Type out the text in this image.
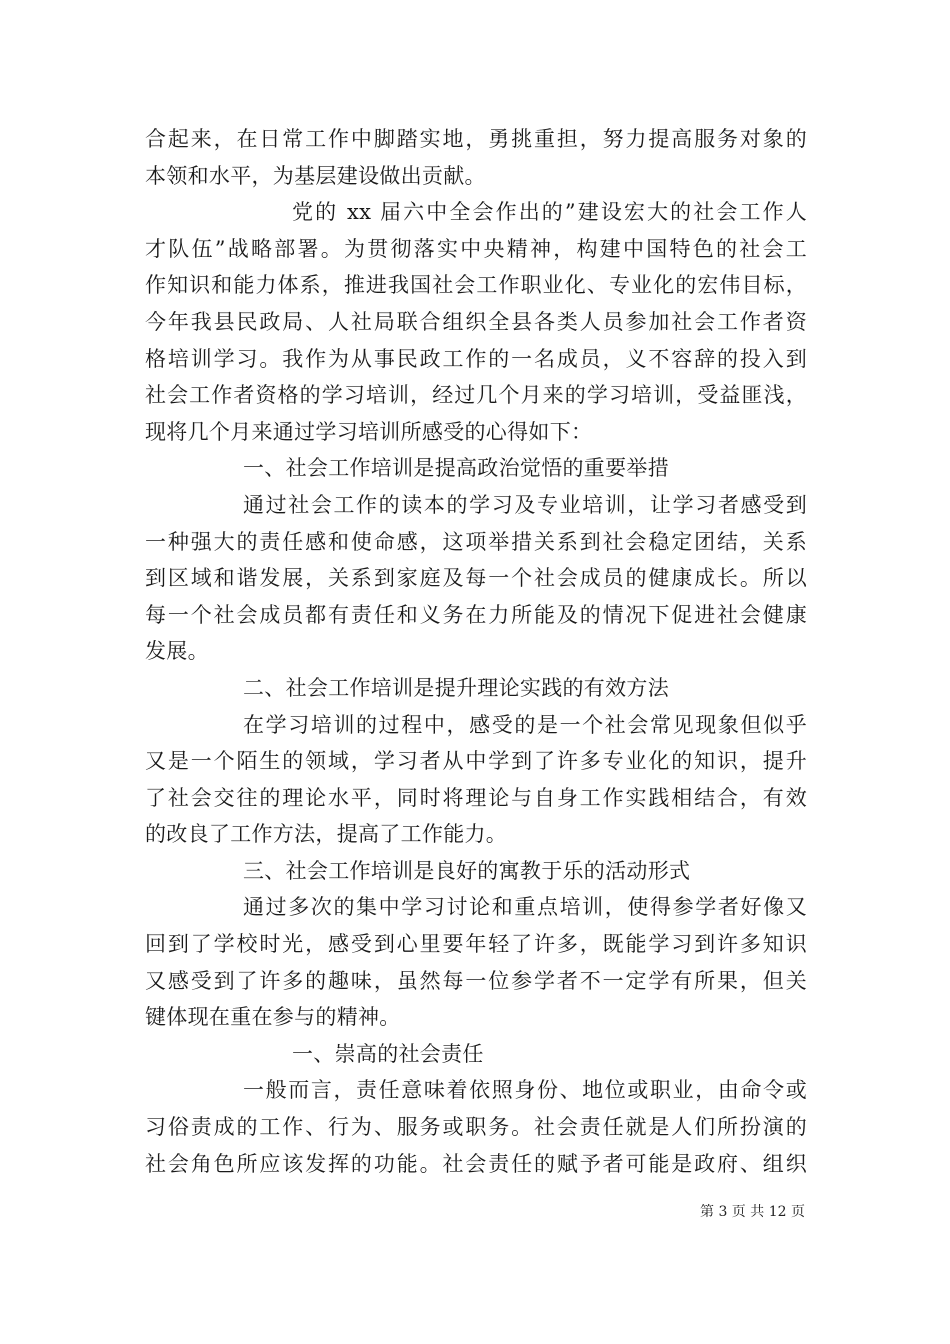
合起来，在日常工作中脚踏实地，勇挑重担，努力提高服务对象的
本领和水平，为基层建设做出贡献。
党的 xx 届六中全会作出的”建设宏大的社会工作人
才队伍”战略部署。为贯彻落实中央精神，构建中国特色的社会工
作知识和能力体系，推进我国社会工作职业化、专业化的宏伟目标，
今年我县民政局、人社局联合组织全县各类人员参加社会工作者资
格培训学习。我作为从事民政工作的一名成员，义不容辞的投入到
社会工作者资格的学习培训，经过几个月来的学习培训，受益匪浅，
现将几个月来通过学习培训所感受的心得如下：
一、社会工作培训是提高政治觉悟的重要举措
通过社会工作的读本的学习及专业培训，让学习者感受到
一种强大的责任感和使命感，这项举措关系到社会稳定团结，关系
到区域和谐发展，关系到家庭及每一个社会成员的健康成长。所以
每一个社会成员都有责任和义务在力所能及的情况下促进社会健康
发展。
二、社会工作培训是提升理论实践的有效方法
在学习培训的过程中，感受的是一个社会常见现象但似乎
又是一个陌生的领域，学习者从中学到了许多专业化的知识，提升
了社会交往的理论水平，同时将理论与自身工作实践相结合，有效
的改良了工作方法，提高了工作能力。
三、社会工作培训是良好的寓教于乐的活动形式
通过多次的集中学习讨论和重点培训，使得参学者好像又
回到了学校时光，感受到心里要年轻了许多，既能学习到许多知识
又感受到了许多的趣味，虽然每一位参学者不一定学有所果，但关
键体现在重在参与的精神。
一、崇高的社会责任
一般而言，责任意味着依照身份、地位或职业，由命令或
习俗责成的工作、行为、服务或职务。社会责任就是人们所扮演的
社会角色所应该发挥的功能。社会责任的赋予者可能是政府、组织
第 3 页 共 12 页
